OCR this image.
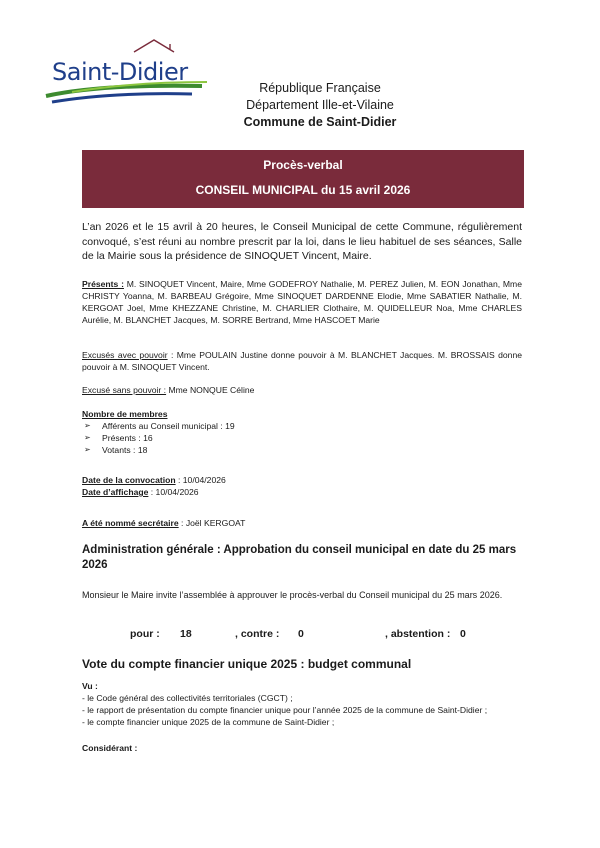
Saint-Didier
République Française
Département Ille-et-Vilaine
Commune de Saint-Didier
Procès-verbal
CONSEIL MUNICIPAL du 15 avril 2026
L’an 2026 et le 15 avril à 20 heures, le Conseil Municipal de cette Commune, régulièrement convoqué, s’est réuni au nombre prescrit par la loi, dans le lieu habituel de ses séances, Salle de la Mairie sous la présidence de SINOQUET Vincent, Maire.
Présents : M. SINOQUET Vincent, Maire, Mme GODEFROY Nathalie, M. PEREZ Julien, M. EON Jonathan, Mme CHRISTY Yoanna, M. BARBEAU Grégoire, Mme SINOQUET DARDENNE Elodie, Mme SABATIER Nathalie, M. KERGOAT Joel, Mme KHEZZANE Christine, M. CHARLIER Clothaire, M. QUIDELLEUR Noa, Mme CHARLES Aurélie, M. BLANCHET Jacques, M. SORRE Bertrand, Mme HASCOET Marie
Excusés avec pouvoir : Mme POULAIN Justine donne pouvoir à M. BLANCHET Jacques. M. BROSSAIS donne pouvoir à M. SINOQUET Vincent.
Excusé sans pouvoir : Mme NONQUE Céline
Nombre de membres
➢ Afférents au Conseil municipal : 19
➢ Présents : 16
➢ Votants : 18
Date de la convocation : 10/04/2026
Date d’affichage : 10/04/2026
A été nommé secrétaire : Joël KERGOAT
Administration générale : Approbation du conseil municipal en date du 25 mars 2026
Monsieur le Maire invite l’assemblée à approuver le procès-verbal du Conseil municipal du 25 mars 2026.
pour : 18	, contre : 0	, abstention : 0
Vote du compte financier unique 2025 : budget communal
Vu :
- le Code général des collectivités territoriales (CGCT) ;
- le rapport de présentation du compte financier unique pour l’année 2025 de la commune de Saint-Didier ;
- le compte financier unique 2025 de la commune de Saint-Didier ;
Considérant :
